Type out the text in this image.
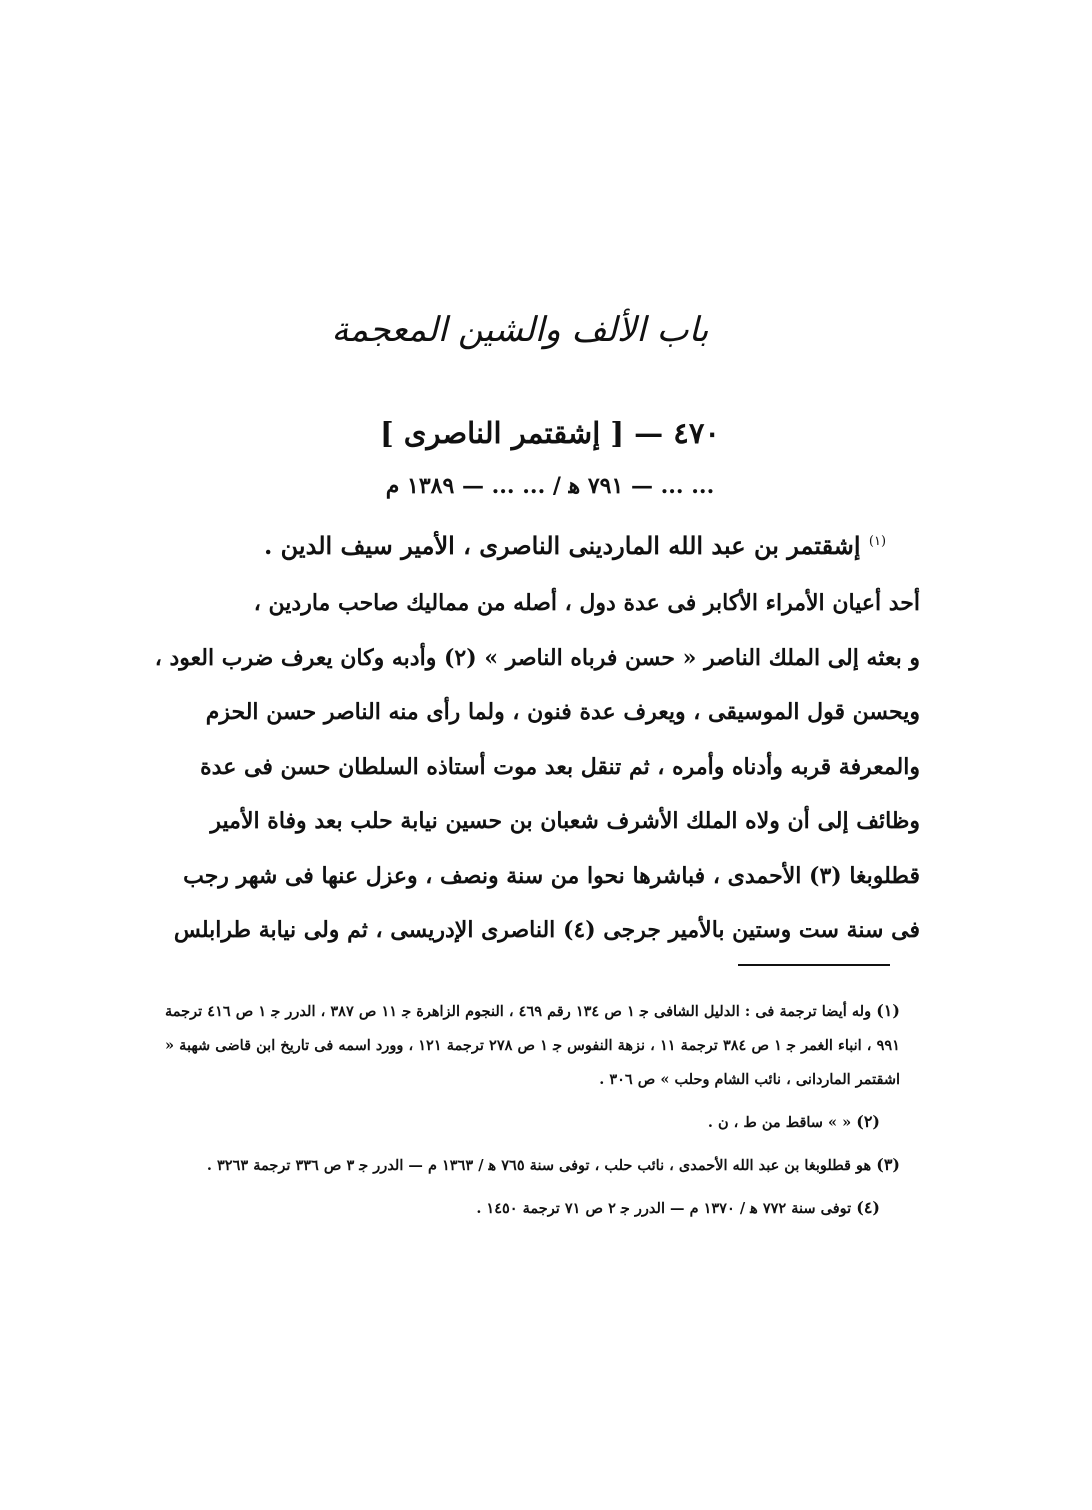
باب الألف والشين المعجمة
٤٧٠ — [ إشقتمر الناصرى ]
... ... — ٧٩١ ﻫ / ... ... — ١٣٨٩ م
$^{(١)}$ إشقتمر بن عبد الله الماردينى الناصرى ، الأمير سيف الدين .

أحد أعيان الأمراء الأكابر فى عدة دول ، أصله من مماليك صاحب ماردين ،

و بعثه إلى الملك الناصر « حسن فرباه الناصر » (٢) وأدبه وكان يعرف ضرب العود ،

ويحسن قول الموسيقى ، ويعرف عدة فنون ، ولما رأى منه الناصر حسن الحزم

والمعرفة قربه وأدناه وأمره ، ثم تنقل بعد موت أستاذه السلطان حسن فى عدة

وظائف إلى أن ولاه الملك الأشرف شعبان بن حسين نيابة حلب بعد وفاة الأمير

قطلوبغا (٣) الأحمدى ، فباشرها نحوا من سنة ونصف ، وعزل عنها فى شهر رجب

فى سنة ست وستين بالأمير جرجى (٤) الناصرى الإدريسى ، ثم ولى نيابة طرابلس

(١) وله أيضا ترجمة فى : الدليل الشافى ﺟ ١ ص ١٣٤ رقم ٤٦٩ ، النجوم الزاهرة ﺟ ١١ ص ٣٨٧ ، الدرر ﺟ ١ ص ٤١٦ ترجمة ٩٩١ ، انباء الغمر ﺟ ١ ص ٣٨٤ ترجمة ١١ ، نزهة النفوس ﺟ ١ ص ٢٧٨ ترجمة ١٢١ ، وورد اسمه فى تاريخ ابن قاضى شهبة « اشقتمر الماردانى ، نائب الشام وحلب » ص ٣٠٦ .

(٢) « » ساقط من ط ، ن .

(٣) هو قطلوبغا بن عبد الله الأحمدى ، نائب حلب ، توفى سنة ٧٦٥ ﻫ / ١٣٦٣ م — الدرر ﺟ ٣ ص ٣٣٦ ترجمة ٣٢٦٣ .

(٤) توفى سنة ٧٧٢ ﻫ / ١٣٧٠ م — الدرر ﺟ ٢ ص ٧١ ترجمة ١٤٥٠ .
